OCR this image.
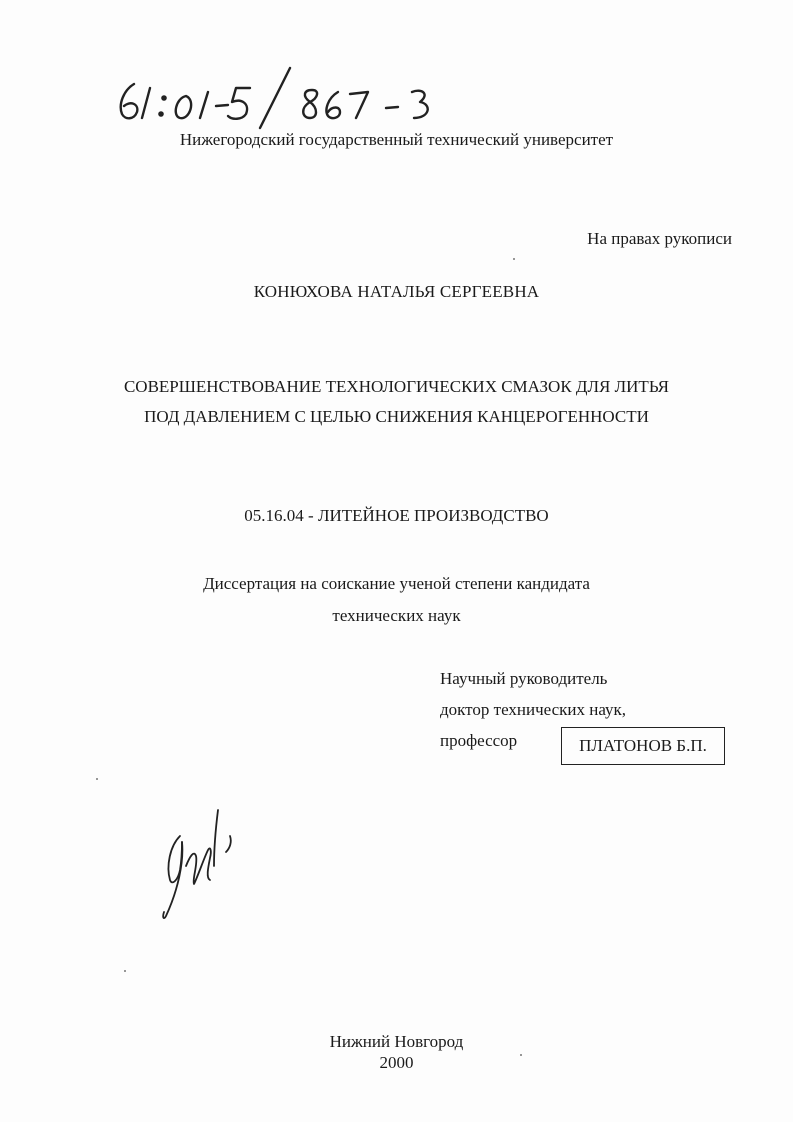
Нижегородский государственный технический университет
На правах рукописи
КОНЮХОВА НАТАЛЬЯ СЕРГЕЕВНА
СОВЕРШЕНСТВОВАНИЕ ТЕХНОЛОГИЧЕСКИХ СМАЗОК ДЛЯ ЛИТЬЯ
ПОД ДАВЛЕНИЕМ С ЦЕЛЬЮ СНИЖЕНИЯ КАНЦЕРОГЕННОСТИ
05.16.04 - ЛИТЕЙНОЕ ПРОИЗВОДСТВО
Диссертация на соискание ученой степени кандидата
технических наук
Научный руководитель
доктор технических наук,
профессор	ПЛАТОНОВ Б.П.
Нижний Новгород
2000
